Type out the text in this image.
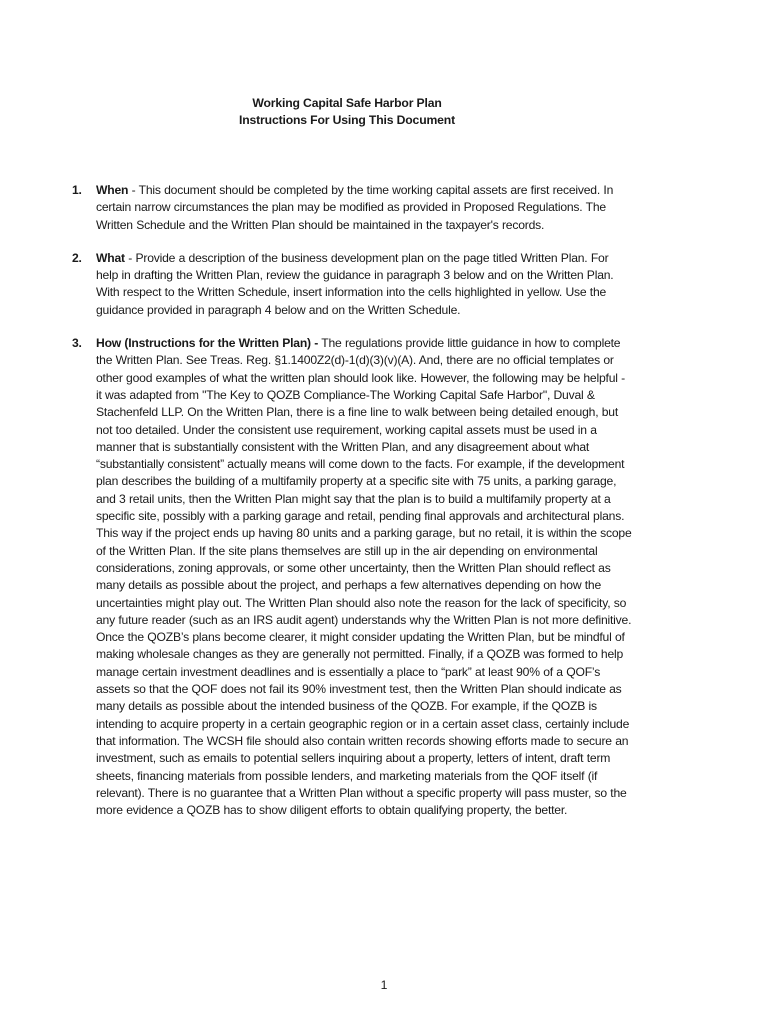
Working Capital Safe Harbor Plan
Instructions For Using This Document
1. When - This document should be completed by the time working capital assets are first received. In certain narrow circumstances the plan may be modified as provided in Proposed Regulations. The Written Schedule and the Written Plan should be maintained in the taxpayer's records.
2. What - Provide a description of the business development plan on the page titled Written Plan. For help in drafting the Written Plan, review the guidance in paragraph 3 below and on the Written Plan. With respect to the Written Schedule, insert information into the cells highlighted in yellow. Use the guidance provided in paragraph 4 below and on the Written Schedule.
3. How (Instructions for the Written Plan) - The regulations provide little guidance in how to complete the Written Plan. See Treas. Reg. §1.1400Z2(d)-1(d)(3)(v)(A). And, there are no official templates or other good examples of what the written plan should look like. However, the following may be helpful - it was adapted from "The Key to QOZB Compliance-The Working Capital Safe Harbor", Duval & Stachenfeld LLP. On the Written Plan, there is a fine line to walk between being detailed enough, but not too detailed. Under the consistent use requirement, working capital assets must be used in a manner that is substantially consistent with the Written Plan, and any disagreement about what “substantially consistent” actually means will come down to the facts. For example, if the development plan describes the building of a multifamily property at a specific site with 75 units, a parking garage, and 3 retail units, then the Written Plan might say that the plan is to build a multifamily property at a specific site, possibly with a parking garage and retail, pending final approvals and architectural plans. This way if the project ends up having 80 units and a parking garage, but no retail, it is within the scope of the Written Plan. If the site plans themselves are still up in the air depending on environmental considerations, zoning approvals, or some other uncertainty, then the Written Plan should reflect as many details as possible about the project, and perhaps a few alternatives depending on how the uncertainties might play out. The Written Plan should also note the reason for the lack of specificity, so any future reader (such as an IRS audit agent) understands why the Written Plan is not more definitive. Once the QOZB’s plans become clearer, it might consider updating the Written Plan, but be mindful of making wholesale changes as they are generally not permitted. Finally, if a QOZB was formed to help manage certain investment deadlines and is essentially a place to “park” at least 90% of a QOF’s assets so that the QOF does not fail its 90% investment test, then the Written Plan should indicate as many details as possible about the intended business of the QOZB. For example, if the QOZB is intending to acquire property in a certain geographic region or in a certain asset class, certainly include that information. The WCSH file should also contain written records showing efforts made to secure an investment, such as emails to potential sellers inquiring about a property, letters of intent, draft term sheets, financing materials from possible lenders, and marketing materials from the QOF itself (if relevant). There is no guarantee that a Written Plan without a specific property will pass muster, so the more evidence a QOZB has to show diligent efforts to obtain qualifying property, the better.
1
